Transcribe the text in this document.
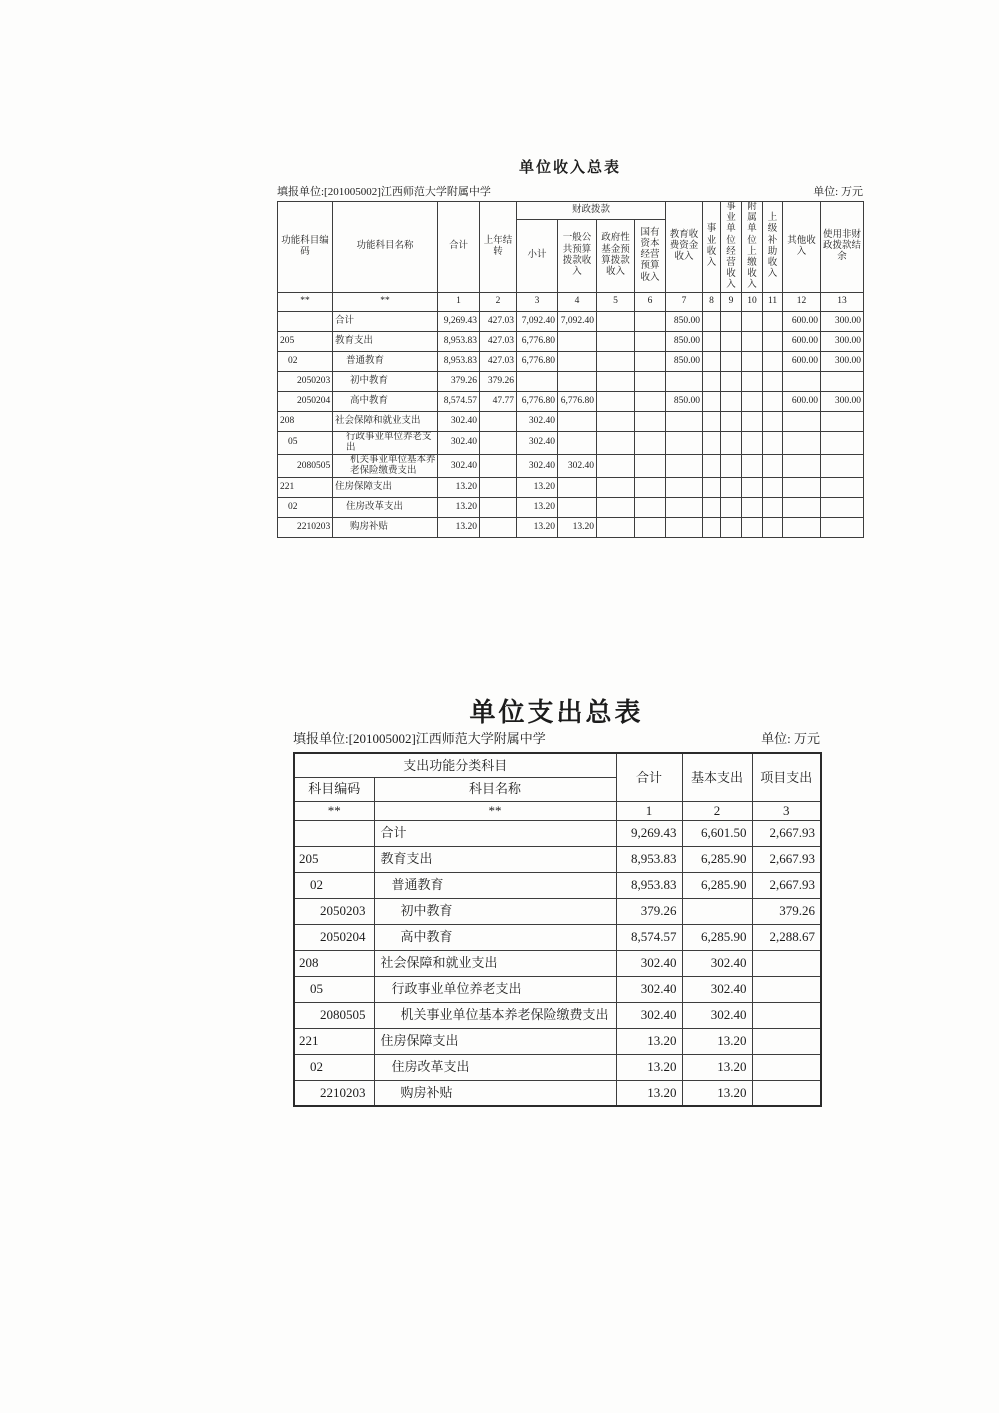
单位收入总表
填报单位:[201005002]江西师范大学附属中学	单位: 万元
功能科目编码	功能科目名称	合计	上年结转	财政拨款				教育收费资金收入	事业收入	事业单位经营收入	附属单位上缴收入	上级补助收入	其他收入	使用非财政拨款结余
				小计	一般公共预算拨款收入	政府性基金预算拨款收入	国有资本经营预算收入							
**	**	1	2	3	4	5	6	7	8	9	10	11	12	13
	合计	9,269.43	427.03	7,092.40	7,092.40			850.00					600.00	300.00
205	教育支出	8,953.83	427.03	6,776.80				850.00					600.00	300.00
02	普通教育	8,953.83	427.03	6,776.80				850.00					600.00	300.00
2050203	初中教育	379.26	379.26											
2050204	高中教育	8,574.57	47.77	6,776.80	6,776.80			850.00					600.00	300.00
208	社会保障和就业支出	302.40		302.40										
05	行政事业单位养老支出	302.40		302.40										
2080505	机关事业单位基本养老保险缴费支出	302.40		302.40	302.40									
221	住房保障支出	13.20		13.20										
02	住房改革支出	13.20		13.20										
2210203	购房补贴	13.20		13.20	13.20									
单位支出总表
填报单位:[201005002]江西师范大学附属中学	单位: 万元
支出功能分类科目		合计	基本支出	项目支出
科目编码	科目名称			
**	**	1	2	3
	合计	9,269.43	6,601.50	2,667.93
205	教育支出	8,953.83	6,285.90	2,667.93
02	普通教育	8,953.83	6,285.90	2,667.93
2050203	初中教育	379.26		379.26
2050204	高中教育	8,574.57	6,285.90	2,288.67
208	社会保障和就业支出	302.40	302.40	
05	行政事业单位养老支出	302.40	302.40	
2080505	机关事业单位基本养老保险缴费支出	302.40	302.40	
221	住房保障支出	13.20	13.20	
02	住房改革支出	13.20	13.20	
2210203	购房补贴	13.20	13.20	
